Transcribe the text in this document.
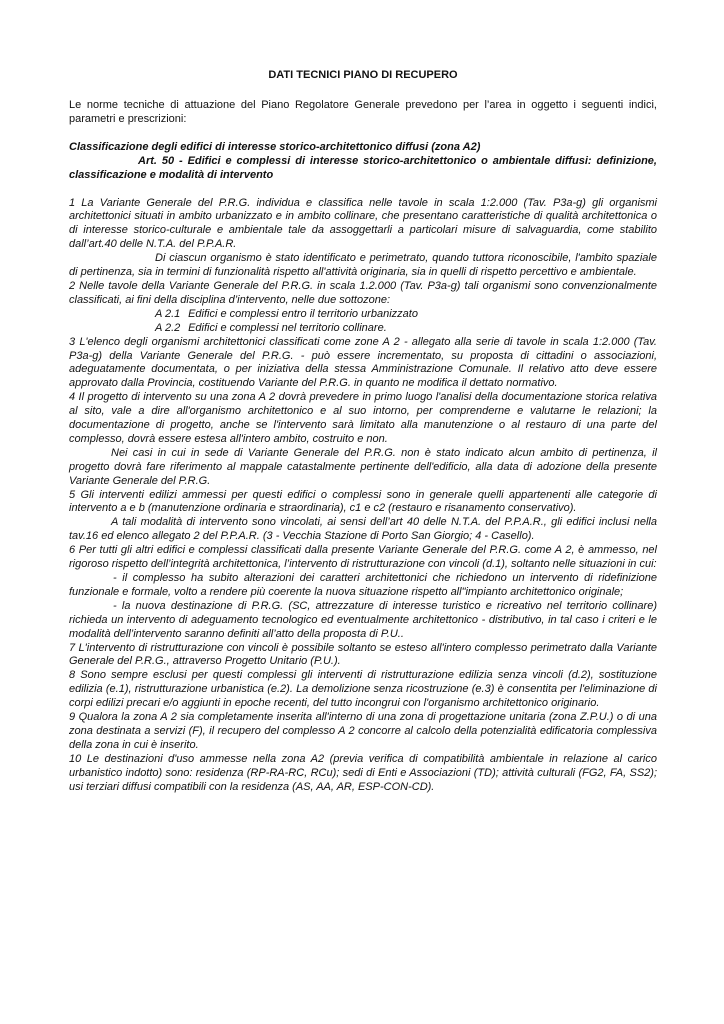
DATI TECNICI PIANO DI RECUPERO

Le norme tecniche di attuazione del Piano Regolatore Generale prevedono per l’area in oggetto i seguenti indici, parametri e prescrizioni:

Classificazione degli edifici di interesse storico-architettonico diffusi (zona A2)

Art. 50 - Edifici e complessi di interesse storico-architettonico o ambientale diffusi: definizione, classificazione e modalità di intervento

1 La Variante Generale del P.R.G. individua e classifica nelle tavole in scala 1:2.000 (Tav. P3a-g) gli organismi architettonici situati in ambito urbanizzato e in ambito collinare, che presentano caratteristiche di qualità architettonica o di interesse storico-culturale e ambientale tale da assoggettarli a particolari misure di salvaguardia, come stabilito dall’art.40 delle N.T.A. del P.P.A.R.

Di ciascun organismo è stato identificato e perimetrato, quando tuttora riconoscibile, l'ambito spaziale di pertinenza, sia in termini di funzionalità rispetto all'attività originaria, sia in quelli di rispetto percettivo e ambientale.

2 Nelle tavole della Variante Generale del P.R.G. in scala 1.2.000 (Tav. P3a-g) tali organismi sono convenzionalmente classificati, ai fini della disciplina d’intervento, nelle due sottozone:

A 2.1 Edifici e complessi entro il territorio urbanizzato

A 2.2 Edifici e complessi nel territorio collinare.

3 L'elenco degli organismi architettonici classificati come zone A 2 - allegato alla serie di tavole in scala 1:2.000 (Tav. P3a-g) della Variante Generale del P.R.G. - può essere incrementato, su proposta di cittadini o associazioni, adeguatamente documentata, o per iniziativa della stessa Amministrazione Comunale. Il relativo atto deve essere approvato dalla Provincia, costituendo Variante del P.R.G. in quanto ne modifica il dettato normativo.

4 Il progetto di intervento su una zona A 2 dovrà prevedere in primo luogo l'analisi della documentazione storica relativa al sito, vale a dire all'organismo architettonico e al suo intorno, per comprenderne e valutarne le relazioni; la documentazione di progetto, anche se l'intervento sarà limitato alla manutenzione o al restauro di una parte del complesso, dovrà essere estesa all'intero ambito, costruito e non.

Nei casi in cui in sede di Variante Generale del P.R.G. non è stato indicato alcun ambito di pertinenza, il progetto dovrà fare riferimento al mappale catastalmente pertinente dell'edificio, alla data di adozione della presente Variante Generale del P.R.G.

5 Gli interventi edilizi ammessi per questi edifici o complessi sono in generale quelli appartenenti alle categorie di intervento a e b (manutenzione ordinaria e straordinaria), c1 e c2 (restauro e risanamento conservativo).

A tali modalità di intervento sono vincolati, ai sensi dell’art 40 delle N.T.A. del P.P.A.R., gli edifici inclusi nella tav.16 ed elenco allegato 2 del P.P.A.R. (3 - Vecchia Stazione di Porto San Giorgio; 4 - Casello).

6 Per tutti gli altri edifici e complessi classificati dalla presente Variante Generale del P.R.G. come A 2, è ammesso, nel rigoroso rispetto dell’integrità architettonica, l’intervento di ristrutturazione con vincoli (d.1), soltanto nelle situazioni in cui:

- il complesso ha subito alterazioni dei caratteri architettonici che richiedono un intervento di ridefinizione funzionale e formale, volto a rendere più coerente la nuova situazione rispetto all"impianto architettonico originale;

- la nuova destinazione di P.R.G. (SC, attrezzature di interesse turistico e ricreativo nel territorio collinare) richieda un intervento di adeguamento tecnologico ed eventualmente architettonico - distributivo, in tal caso i criteri e le modalità dell’intervento saranno definiti all’atto della proposta di P.U..

7 L'intervento di ristrutturazione con vincoli è possibile soltanto se esteso all'intero complesso perimetrato dalla Variante Generale del P.R.G., attraverso Progetto Unitario (P.U.).

8 Sono sempre esclusi per questi complessi gli interventi di ristrutturazione edilizia senza vincoli (d.2), sostituzione edilizia (e.1), ristrutturazione urbanistica (e.2). La demolizione senza ricostruzione (e.3) è consentita per l'eliminazione di corpi edilizi precari e/o aggiunti in epoche recenti, del tutto incongrui con l'organismo architettonico originario.

9 Qualora la zona A 2 sia completamente inserita all'interno di una zona di progettazione unitaria (zona Z.P.U.) o di una zona destinata a servizi (F), il recupero del complesso A 2 concorre al calcolo della potenzialità edificatoria complessiva della zona in cui è inserito.

10 Le destinazioni d'uso ammesse nella zona A2 (previa verifica di compatibilità ambientale in relazione al carico urbanistico indotto) sono: residenza (RP-RA-RC, RCu); sedi di Enti e Associazioni (TD); attività culturali (FG2, FA, SS2); usi terziari diffusi compatibili con la residenza (AS, AA, AR, ESP-CON-CD).
